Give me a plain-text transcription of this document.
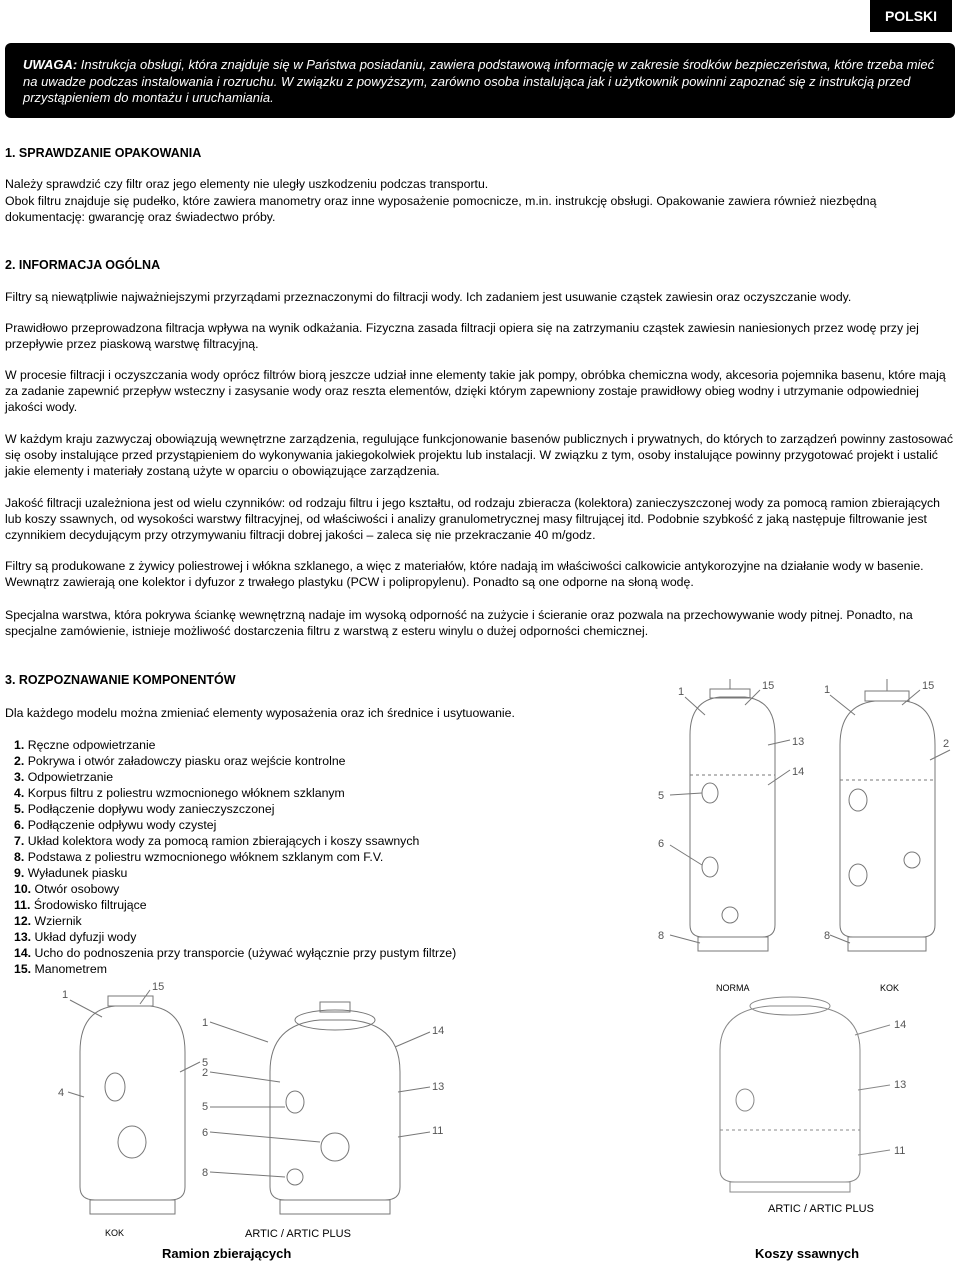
POLSKI
UWAGA: Instrukcja obsługi, która znajduje się w Państwa posiadaniu, zawiera podstawową informację w zakresie środków bezpieczeństwa, które trzeba mieć na uwadze podczas instalowania i rozruchu. W związku z powyższym, zarówno osoba instalująca jak i użytkownik powinni zapoznać się z instrukcją przed przystąpieniem do montażu i uruchamiania.
1. SPRAWDZANIE OPAKOWANIA
Należy sprawdzić czy filtr oraz jego elementy nie uległy uszkodzeniu podczas transportu.
Obok filtru znajduje się pudełko, które zawiera manometry oraz inne wyposażenie pomocnicze, m.in. instrukcję obsługi. Opakowanie zawiera również niezbędną dokumentację: gwarancję oraz świadectwo próby.
2. INFORMACJA OGÓLNA
Filtry są niewątpliwie najważniejszymi przyrządami przeznaczonymi do filtracji wody. Ich zadaniem jest usuwanie cząstek zawiesin oraz oczyszczanie wody.
Prawidłowo przeprowadzona filtracja wpływa na wynik odkażania. Fizyczna zasada filtracji opiera się na zatrzymaniu cząstek zawiesin naniesionych przez wodę przy jej przepływie przez piaskową warstwę filtracyjną.
W procesie filtracji i oczyszczania wody oprócz filtrów biorą jeszcze udział inne elementy takie jak pompy, obróbka chemiczna wody, akcesoria pojemnika basenu, które mają za zadanie zapewnić przepływ wsteczny i zasysanie wody oraz reszta elementów, dzięki którym zapewniony zostaje prawidłowy obieg wodny i utrzymanie odpowiedniej jakości wody.
W każdym kraju zazwyczaj obowiązują wewnętrzne zarządzenia, regulujące funkcjonowanie basenów publicznych i prywatnych, do których to zarządzeń powinny zastosować się osoby instalujące przed przystąpieniem do wykonywania jakiegokolwiek projektu lub instalacji. W związku z tym, osoby instalujące powinny przygotować projekt i ustalić jakie elementy i materiały zostaną użyte w oparciu o obowiązujące zarządzenia.
Jakość filtracji uzależniona jest od wielu czynników: od rodzaju filtru i jego kształtu, od rodzaju zbieracza (kolektora) zanieczyszczonej wody za pomocą ramion zbierających lub koszy ssawnych, od wysokości warstwy filtracyjnej, od właściwości i analizy granulometrycznej masy filtrującej itd. Podobnie szybkość z jaką następuje filtrowanie jest czynnikiem decydującym przy otrzymywaniu filtracji dobrej jakości – zaleca się nie przekraczanie 40 m/godz.
Filtry są produkowane z żywicy poliestrowej i włókna szklanego, a więc z materiałów, które nadają im właściwości calkowicie antykorozyjne na działanie wody w basenie. Wewnątrz zawierają one kolektor i dyfuzor z trwałego plastyku (PCW i polipropylenu). Ponadto są one odporne na słoną wodę.
Specjalna warstwa, która pokrywa ściankę wewnętrzną nadaje im wysoką odporność na zużycie i ścieranie oraz pozwala na przechowywanie wody pitnej. Ponadto, na specjalne zamówienie, istnieje możliwość dostarczenia filtru z warstwą z esteru winylu o dużej odporności chemicznej.
3. ROZPOZNAWANIE KOMPONENTÓW
Dla każdego modelu można zmieniać elementy wyposażenia oraz ich średnice i usytuowanie.
1. Ręczne odpowietrzanie
2. Pokrywa i otwór załadowczy piasku oraz wejście kontrolne
3. Odpowietrzanie
4. Korpus filtru z poliestru wzmocnionego włóknem szklanym
5. Podłączenie dopływu wody zanieczyszczonej
6. Podłączenie odpływu wody czystej
7. Układ kolektora wody za pomocą ramion zbierających i koszy ssawnych
8. Podstawa z poliestru wzmocnionego włóknem szklanym com F.V.
9. Wyładunek piasku
10. Otwór osobowy
11. Środowisko filtrujące
12. Wziernik
13. Układ dyfuzji wody
14. Ucho do podnoszenia przy transporcie (używać wyłącznie przy pustym filtrze)
15. Manometrem
1	15
13
14
5
6
8
1	15
2
8
NORMA	KOK
1
15
4
5
1
2
5
6
8
14
13
11
KOK	ARTIC / ARTIC PLUS
14
13
11
ARTIC / ARTIC PLUS
Ramion zbierających	Koszy ssawnych
